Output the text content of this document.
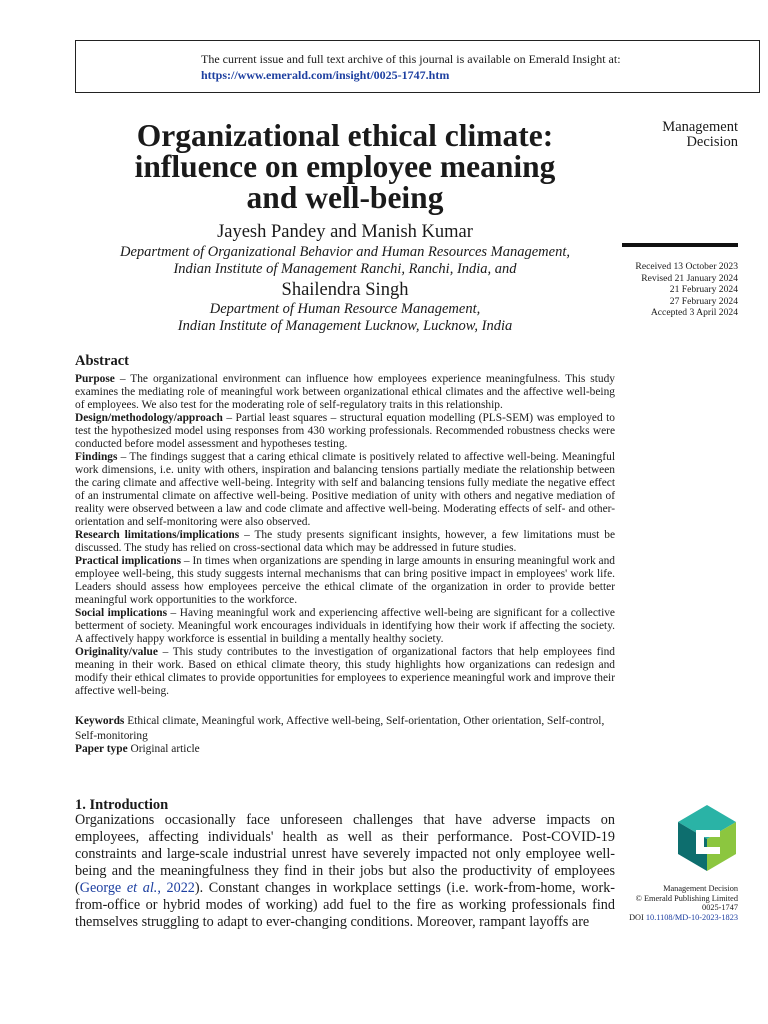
The current issue and full text archive of this journal is available on Emerald Insight at:
https://www.emerald.com/insight/0025-1747.htm
Management
Decision
Received 13 October 2023
Revised 21 January 2024
21 February 2024
27 February 2024
Accepted 3 April 2024
Organizational ethical climate:
influence on employee meaning
and well-being
Jayesh Pandey and Manish Kumar
Department of Organizational Behavior and Human Resources Management,
Indian Institute of Management Ranchi, Ranchi, India, and
Shailendra Singh
Department of Human Resource Management,
Indian Institute of Management Lucknow, Lucknow, India
Abstract

Purpose – The organizational environment can influence how employees experience meaningfulness. This study examines the mediating role of meaningful work between organizational ethical climates and the affective well-being of employees. We also test for the moderating role of self-regulatory traits in this relationship.

Design/methodology/approach – Partial least squares – structural equation modelling (PLS-SEM) was employed to test the hypothesized model using responses from 430 working professionals. Recommended robustness checks were conducted before model assessment and hypotheses testing.

Findings – The findings suggest that a caring ethical climate is positively related to affective well-being. Meaningful work dimensions, i.e. unity with others, inspiration and balancing tensions partially mediate the relationship between the caring climate and affective well-being. Integrity with self and balancing tensions fully mediate the negative effect of an instrumental climate on affective well-being. Positive mediation of unity with others and negative mediation of reality were observed between a law and code climate and affective well-being. Moderating effects of self- and other-orientation and self-monitoring were also observed.

Research limitations/implications – The study presents significant insights, however, a few limitations must be discussed. The study has relied on cross-sectional data which may be addressed in future studies.

Practical implications – In times when organizations are spending in large amounts in ensuring meaningful work and employee well-being, this study suggests internal mechanisms that can bring positive impact in employees' work life. Leaders should assess how employees perceive the ethical climate of the organization in order to provide better meaningful work opportunities to the workforce.

Social implications – Having meaningful work and experiencing affective well-being are significant for a collective betterment of society. Meaningful work encourages individuals in identifying how their work if affecting the society. A affectively happy workforce is essential in building a mentally healthy society.

Originality/value – This study contributes to the investigation of organizational factors that help employees find meaning in their work. Based on ethical climate theory, this study highlights how organizations can redesign and modify their ethical climates to provide opportunities for employees to experience meaningful work and improve their affective well-being.

Keywords Ethical climate, Meaningful work, Affective well-being, Self-orientation, Other orientation, Self-control, Self-monitoring
Paper type Original article
1. Introduction
Organizations occasionally face unforeseen challenges that have adverse impacts on employees, affecting individuals' health as well as their performance. Post-COVID-19 constraints and large-scale industrial unrest have severely impacted not only employee well-being and the meaningfulness they find in their jobs but also the productivity of employees (George et al., 2022). Constant changes in workplace settings (i.e. work-from-home, work-from-office or hybrid modes of working) add fuel to the fire as working professionals find themselves struggling to adapt to ever-changing conditions. Moreover, rampant layoffs are
Management Decision
© Emerald Publishing Limited
0025-1747
DOI 10.1108/MD-10-2023-1823
